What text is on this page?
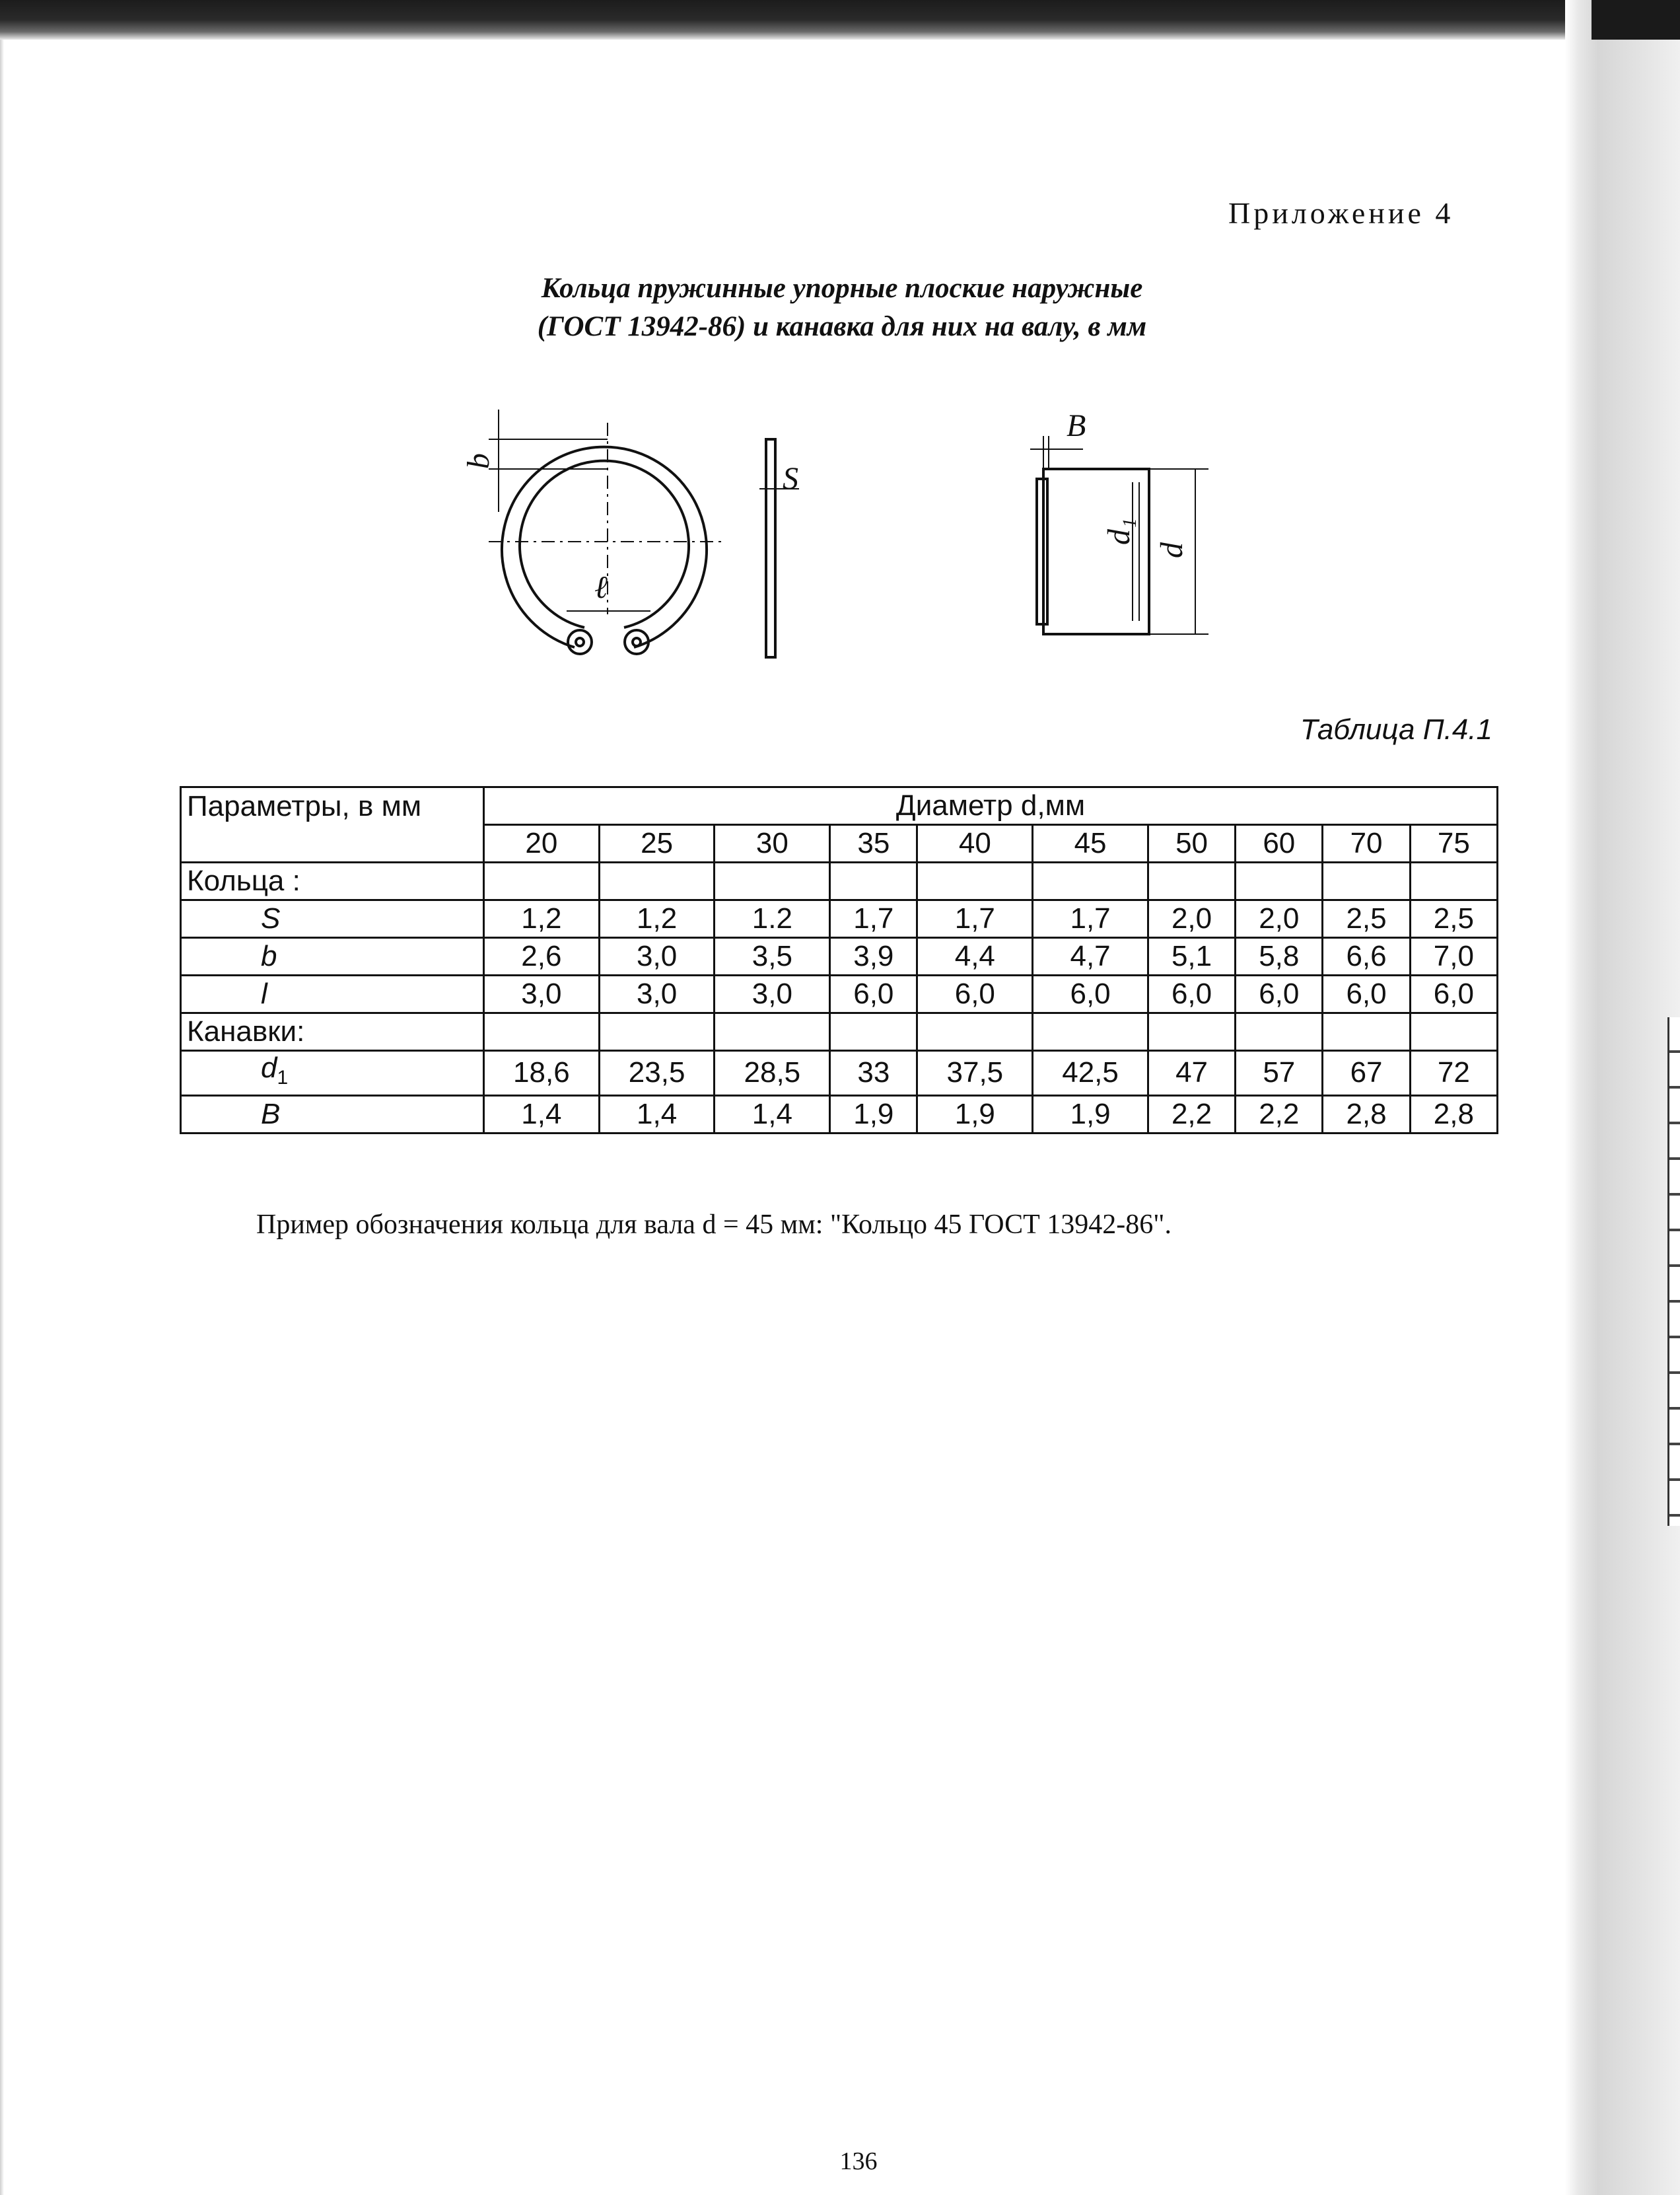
Приложение 4
Кольца пружинные упорные плоские наружные
(ГОСТ 13942-86) и канавка для них на валу, в мм
b
ℓ
S
B
d₁
d
Таблица П.4.1
Параметры, в мм	Диаметр d,мм									
	20	25	30	35	40	45	50	60	70	75
Кольца :										
S	1,2	1,2	1.2	1,7	1,7	1,7	2,0	2,0	2,5	2,5
b	2,6	3,0	3,5	3,9	4,4	4,7	5,1	5,8	6,6	7,0
l	3,0	3,0	3,0	6,0	6,0	6,0	6,0	6,0	6,0	6,0
Канавки:										
$d_1$	18,6	23,5	28,5	33	37,5	42,5	47	57	67	72
B	1,4	1,4	1,4	1,9	1,9	1,9	2,2	2,2	2,8	2,8
Пример обозначения кольца для вала d = 45 мм: "Кольцо 45 ГОСТ 13942-86".
136
